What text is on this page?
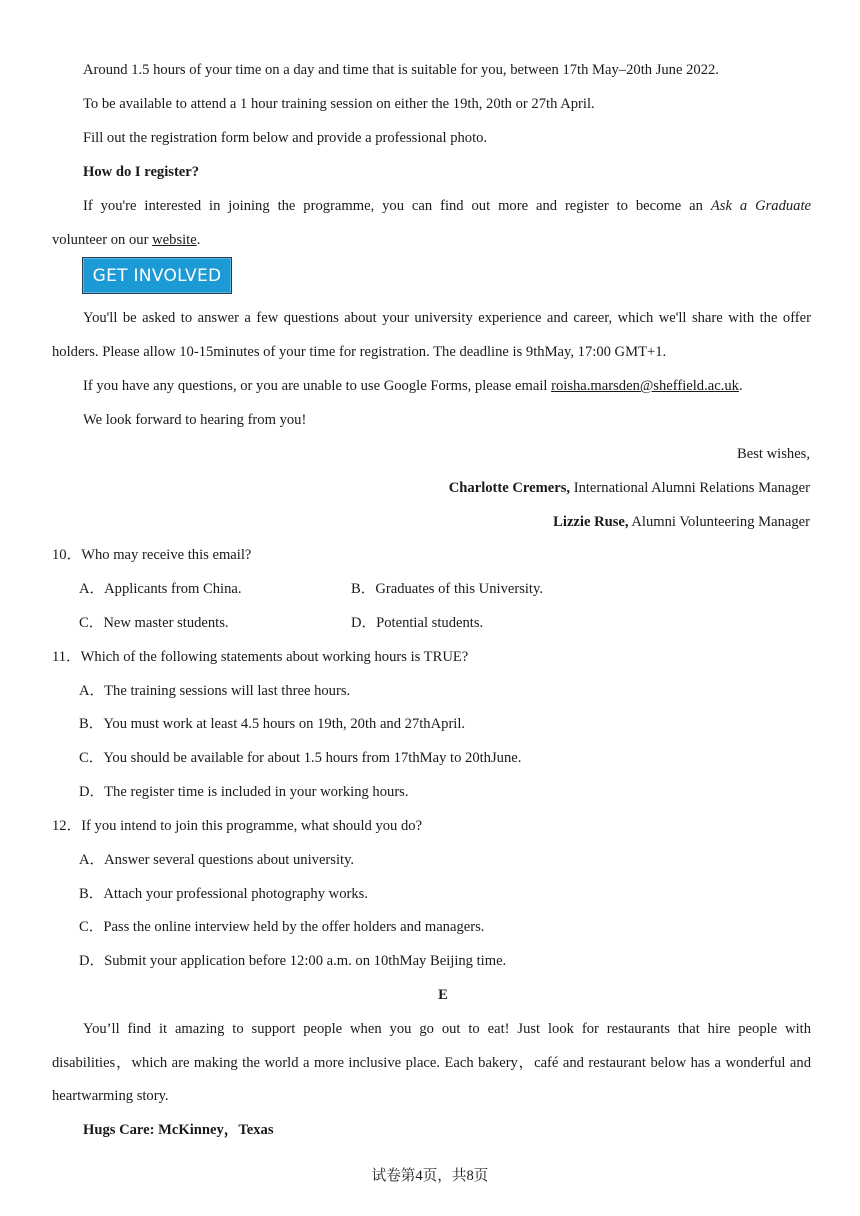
Around 1.5 hours of your time on a day and time that is suitable for you, between 17th May–20th June 2022.
To be available to attend a 1 hour training session on either the 19th, 20th or 27th April.
Fill out the registration form below and provide a professional photo.
How do I register?
If you're interested in joining the programme, you can find out more and register to become an Ask a Graduate
volunteer on our website.
GET INVOLVED
You'll be asked to answer a few questions about your university experience and career, which we'll share with the offer
holders. Please allow 10-15minutes of your time for registration. The deadline is 9thMay, 17:00 GMT+1.
If you have any questions, or you are unable to use Google Forms, please email roisha.marsden@sheffield.ac.uk.
We look forward to hearing from you!
Best wishes,
Charlotte Cremers, International Alumni Relations Manager
Lizzie Ruse, Alumni Volunteering Manager
10．Who may receive this email?
A．Applicants from China.	B．Graduates of this University.
C．New master students.	D．Potential students.
11．Which of the following statements about working hours is TRUE?
A．The training sessions will last three hours.
B．You must work at least 4.5 hours on 19th, 20th and 27thApril.
C．You should be available for about 1.5 hours from 17thMay to 20thJune.
D．The register time is included in your working hours.
12．If you intend to join this programme, what should you do?
A．Answer several questions about university.
B．Attach your professional photography works.
C．Pass the online interview held by the offer holders and managers.
D．Submit your application before 12:00 a.m. on 10thMay Beijing time.
E
You’ll find it amazing to support people when you go out to eat! Just look for restaurants that hire people with
disabilities，which are making the world a more inclusive place. Each bakery，café and restaurant below has a wonderful and
heartwarming story.
Hugs Care: McKinney，Texas
试卷第4页，共8页
